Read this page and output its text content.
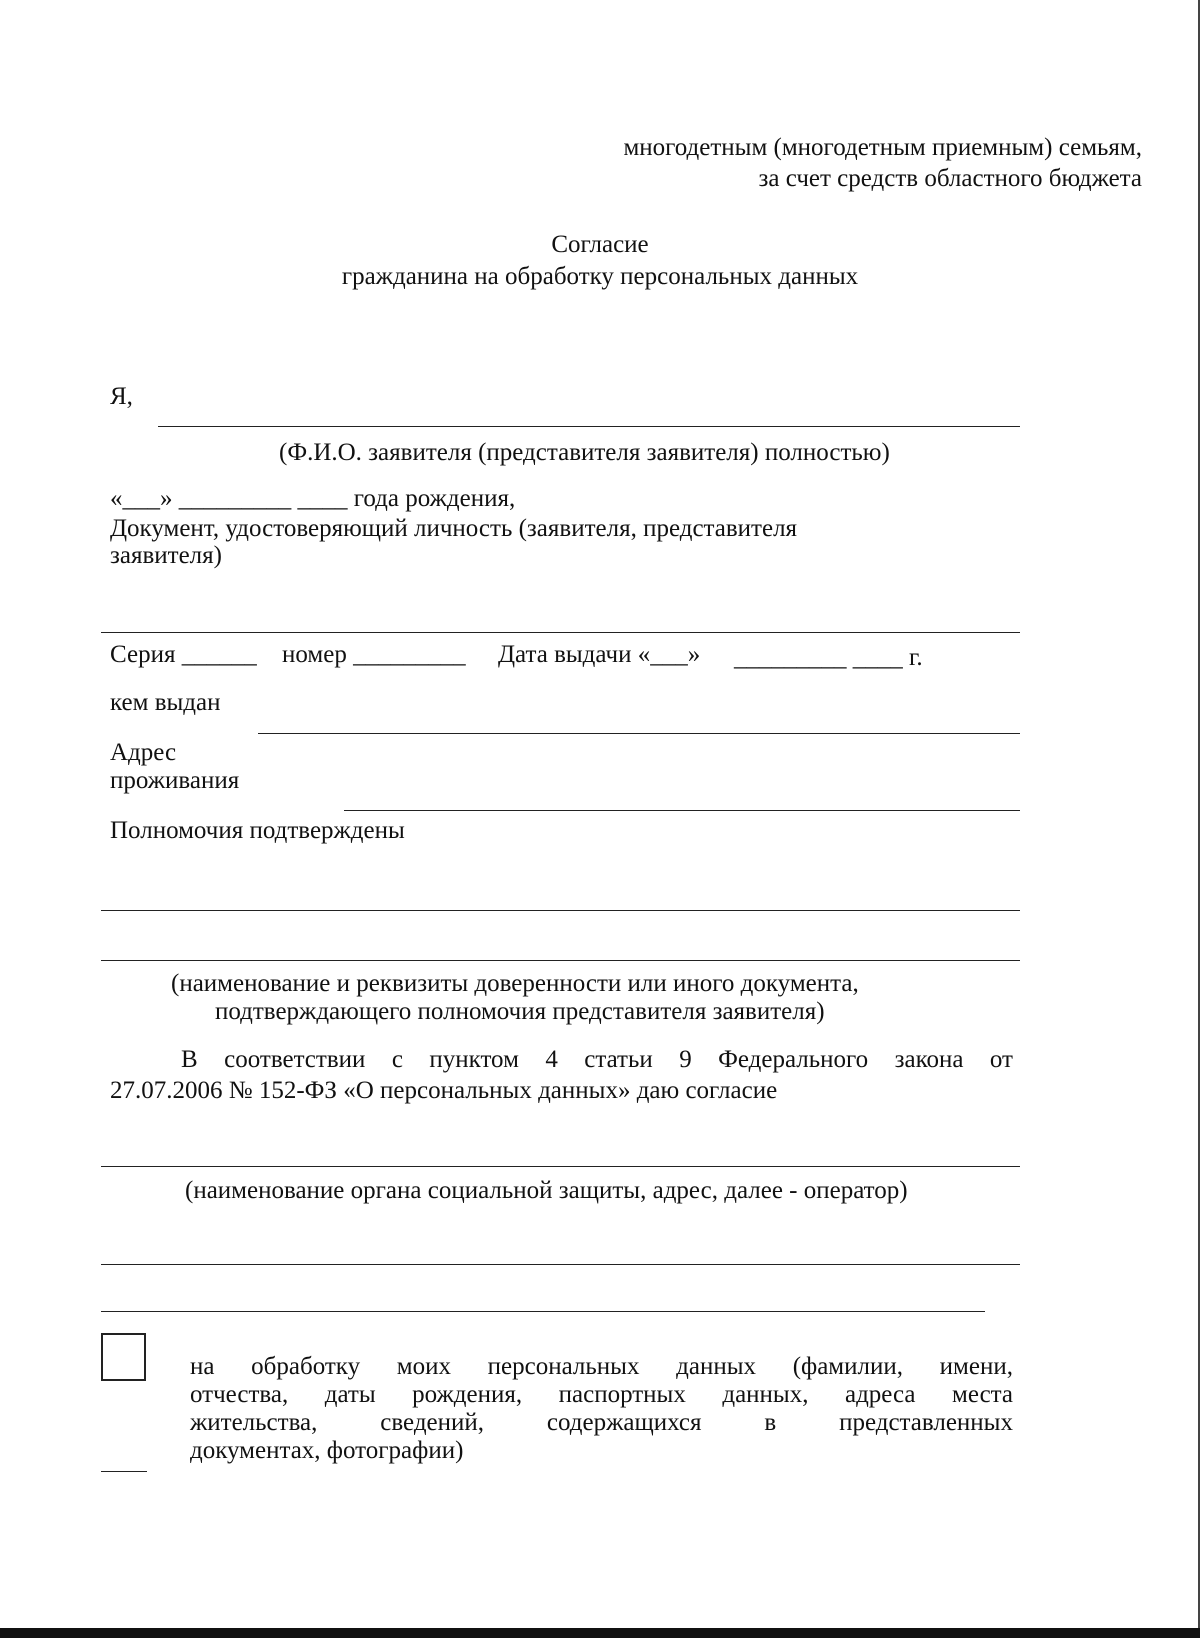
многодетным (многодетным приемным) семьям,
за счет средств областного бюджета
Согласие
гражданина на обработку персональных данных
Я,
(Ф.И.О. заявителя (представителя заявителя) полностью)
«___» _________ ____ года рождения,
Документ, удостоверяющий личность (заявителя, представителя
заявителя)
Серия ______ номер _________ Дата выдачи «___» _________ ____ г.
кем выдан
Адрес
проживания
Полномочия подтверждены
(наименование и реквизиты доверенности или иного документа,
подтверждающего полномочия представителя заявителя)
В соответствии с пунктом 4 статьи 9 Федерального закона от
27.07.2006 № 152-ФЗ «О персональных данных» даю согласие
(наименование органа социальной защиты, адрес, далее - оператор)
на обработку моих персональных данных (фамилии, имени,
отчества, даты рождения, паспортных данных, адреса места
жительства,	сведений,	содержащихся	в	представленных
документах, фотографии)
